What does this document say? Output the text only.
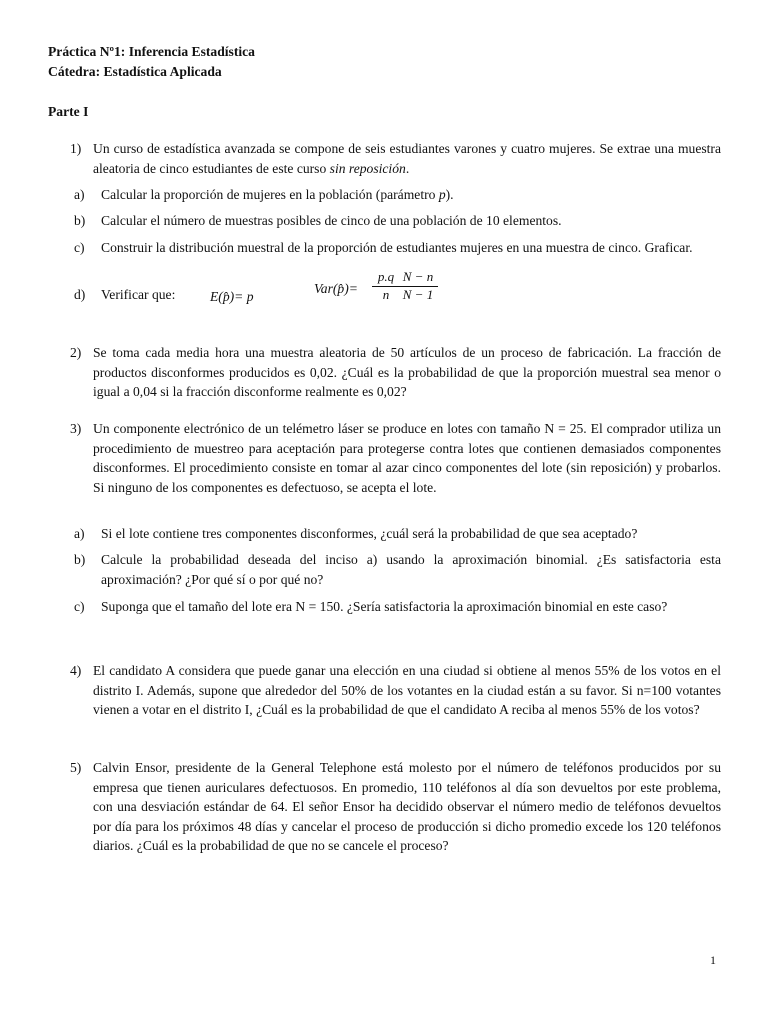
Práctica Nº1: Inferencia Estadística
Cátedra: Estadística Aplicada
Parte I
1) Un curso de estadística avanzada se compone de seis estudiantes varones y cuatro mujeres. Se extrae una muestra aleatoria de cinco estudiantes de este curso sin reposición.
a) Calcular la proporción de mujeres en la población (parámetro p).
b) Calcular el número de muestras posibles de cinco de una población de 10 elementos.
c) Construir la distribución muestral de la proporción de estudiantes mujeres en una muestra de cinco. Graficar.
d) Verificar que:	E(p̂)= p
Var(p̂)= $\frac{p.q}{n}$
$\frac{N - n}{N - 1}$
2) Se toma cada media hora una muestra aleatoria de 50 artículos de un proceso de fabricación. La fracción de productos disconformes producidos es 0,02. ¿Cuál es la probabilidad de que la proporción muestral sea menor o igual a 0,04 si la fracción disconforme realmente es 0,02?
3) Un componente electrónico de un telémetro láser se produce en lotes con tamaño N = 25. El comprador utiliza un procedimiento de muestreo para aceptación para protegerse contra lotes que contienen demasiados componentes disconformes. El procedimiento consiste en tomar al azar cinco componentes del lote (sin reposición) y probarlos. Si ninguno de los componentes es defectuoso, se acepta el lote.
a) Si el lote contiene tres componentes disconformes, ¿cuál será la probabilidad de que sea aceptado?
b) Calcule la probabilidad deseada del inciso a) usando la aproximación binomial. ¿Es satisfactoria esta aproximación? ¿Por qué sí o por qué no?
c) Suponga que el tamaño del lote era N = 150. ¿Sería satisfactoria la aproximación binomial en este caso?
4) El candidato A considera que puede ganar una elección en una ciudad si obtiene al menos 55% de los votos en el distrito I. Además, supone que alrededor del 50% de los votantes en la ciudad están a su favor. Si n=100 votantes vienen a votar en el distrito I, ¿Cuál es la probabilidad de que el candidato A reciba al menos 55% de los votos?
5) Calvin Ensor, presidente de la General Telephone está molesto por el número de teléfonos producidos por su empresa que tienen auriculares defectuosos. En promedio, 110 teléfonos al día son devueltos por este problema, con una desviación estándar de 64. El señor Ensor ha decidido observar el número medio de teléfonos devueltos por día para los próximos 48 días y cancelar el proceso de producción si dicho promedio excede los 120 teléfonos diarios. ¿Cuál es la probabilidad de que no se cancele el proceso?
1
